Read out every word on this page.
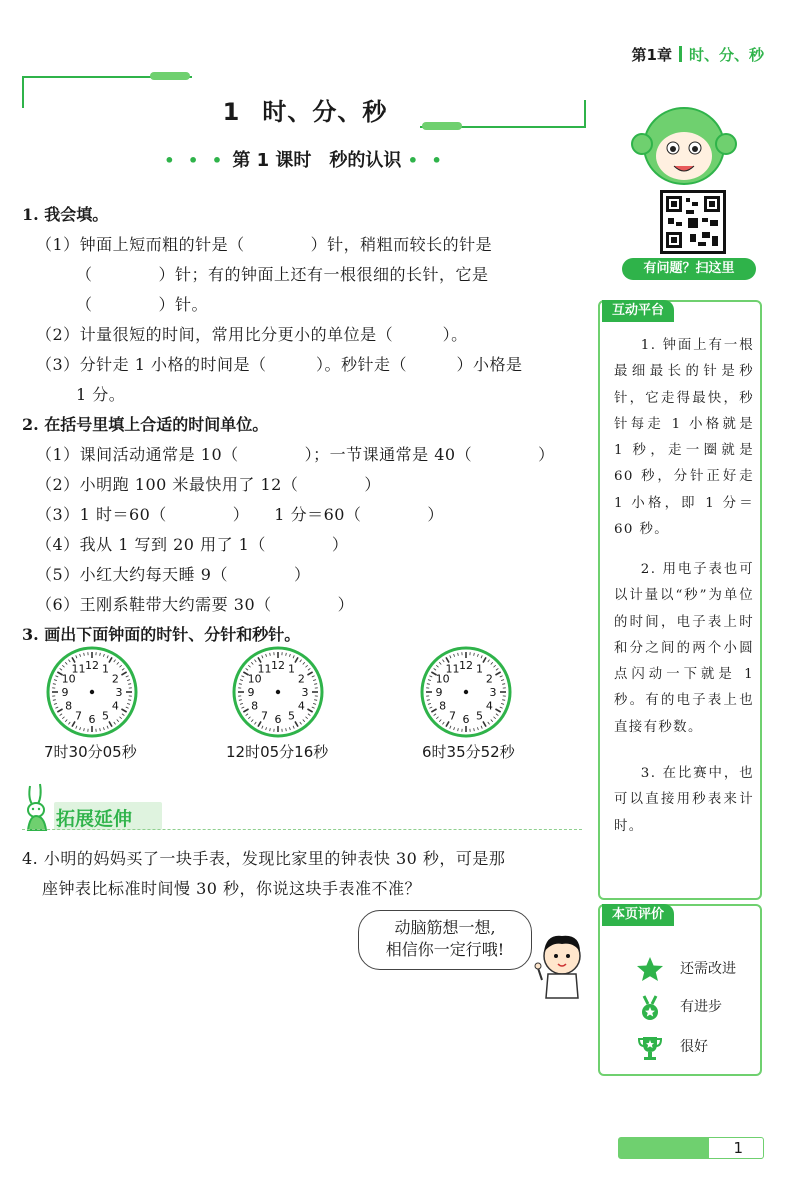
第1章 时、分、秒
1 时、分、秒
• • • 第 1 课时　秒的认识 • •
1. 我会填。
（1）钟面上短而粗的针是（　　　　）针，稍粗而较长的针是
（　　　　）针；有的钟面上还有一根很细的长针，它是
（　　　　）针。
（2）计量很短的时间，常用比分更小的单位是（　　　）。
（3）分针走 1 小格的时间是（　　　）。秒针走（　　　）小格是
1 分。
2. 在括号里填上合适的时间单位。
（1）课间活动通常是 10（　　　　）；一节课通常是 40（　　　　）
（2）小明跑 100 米最快用了 12（　　　　）
（3）1 时＝60（　　　　）　　1 分＝60（　　　　）
（4）我从 1 写到 20 用了 1（　　　　）
（5）小红大约每天睡 9（　　　　）
（6）王刚系鞋带大约需要 30（　　　　）
3. 画出下面钟面的时针、分针和秒针。
12 1
2
3
4
5
6
7
8
9
10
11	12 1
2
3
4
5
6
7
8
9
10
11	12 1
2
3
4
5
6
7
8
9
10
11
7时30分05秒	12时05分16秒	6时35分52秒
拓展延伸
4. 小明的妈妈买了一块手表，发现比家里的钟表快 30 秒，可是那
座钟表比标准时间慢 30 秒，你说这块手表准不准？
动脑筋想一想,
相信你一定行哦!
有问题？扫这里
互动平台
1. 钟面上有一根最细最长的针是秒针，它走得最快，秒针每走 1 小格就是 1 秒，走一圈就是 60 秒，分针正好走 1 小格，即 1 分＝60 秒。
2. 用电子表也可以计量以“秒”为单位的时间，电子表上时和分之间的两个小圆点闪动一下就是 1 秒。有的电子表上也直接有秒数。
3. 在比赛中，也可以直接用秒表来计时。
本页评价
还需改进
有进步
很好
1
